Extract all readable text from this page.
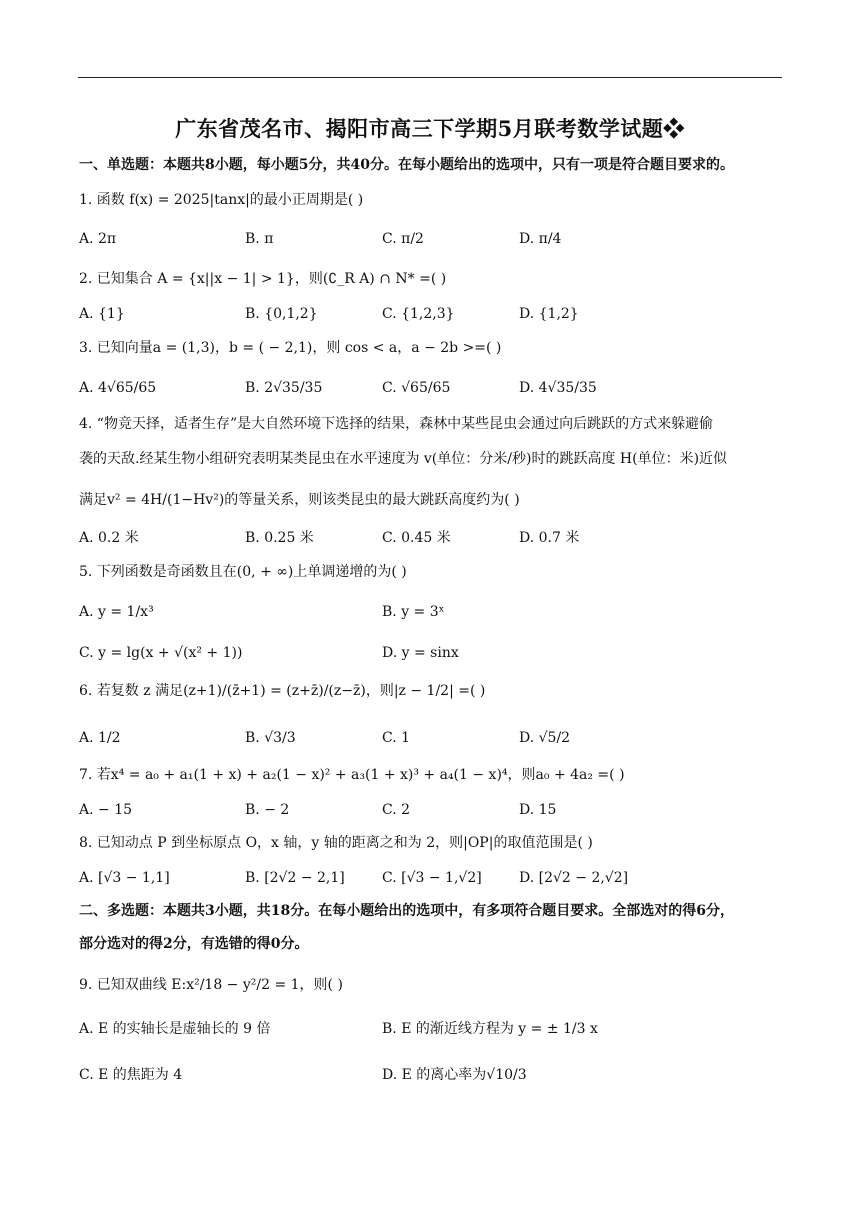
广东省茂名市、揭阳市高三下学期5月联考数学试题❖
一、单选题：本题共8小题，每小题5分，共40分。在每小题给出的选项中，只有一项是符合题目要求的。
1. 函数 f(x) = 2025|tanx|的最小正周期是( )
A. 2π	B. π	C. π/2	D. π/4
2. 已知集合 A = {x||x − 1| > 1}，则(∁_R A) ∩ N* =( )
A. {1}	B. {0,1,2}	C. {1,2,3}	D. {1,2}
3. 已知向量a = (1,3)，b = ( − 2,1)，则 cos < a，a − 2b >=( )
A. 4√65/65	B. 2√35/35	C. √65/65	D. 4√35/35
4. “物竞天择，适者生存”是大自然环境下选择的结果，森林中某些昆虫会通过向后跳跃的方式来躲避偷
袭的天敌.经某生物小组研究表明某类昆虫在水平速度为 v(单位：分米/秒)时的跳跃高度 H(单位：米)近似
满足v² = 4H/(1−Hv²)的等量关系，则该类昆虫的最大跳跃高度约为( )
A. 0.2 米	B. 0.25 米	C. 0.45 米	D. 0.7 米
5. 下列函数是奇函数且在(0, + ∞)上单调递增的为( )
A. y = 1/x³	B. y = 3ˣ
C. y = lg(x + √(x² + 1))	D. y = sinx
6. 若复数 z 满足(z+1)/(z̄+1) = (z+z̄)/(z−z̄)，则|z − 1/2| =( )
A. 1/2	B. √3/3	C. 1	D. √5/2
7. 若x⁴ = a₀ + a₁(1 + x) + a₂(1 − x)² + a₃(1 + x)³ + a₄(1 − x)⁴，则a₀ + 4a₂ =( )
A. − 15	B. − 2	C. 2	D. 15
8. 已知动点 P 到坐标原点 O，x 轴，y 轴的距离之和为 2，则|OP|的取值范围是( )
A. [√3 − 1,1]	B. [2√2 − 2,1]	C. [√3 − 1,√2]	D. [2√2 − 2,√2]
二、多选题：本题共3小题，共18分。在每小题给出的选项中，有多项符合题目要求。全部选对的得6分，
部分选对的得2分，有选错的得0分。
9. 已知双曲线 E:x²/18 − y²/2 = 1，则( )
A. E 的实轴长是虚轴长的 9 倍	B. E 的渐近线方程为 y = ± 1/3 x
C. E 的焦距为 4	D. E 的离心率为√10/3
